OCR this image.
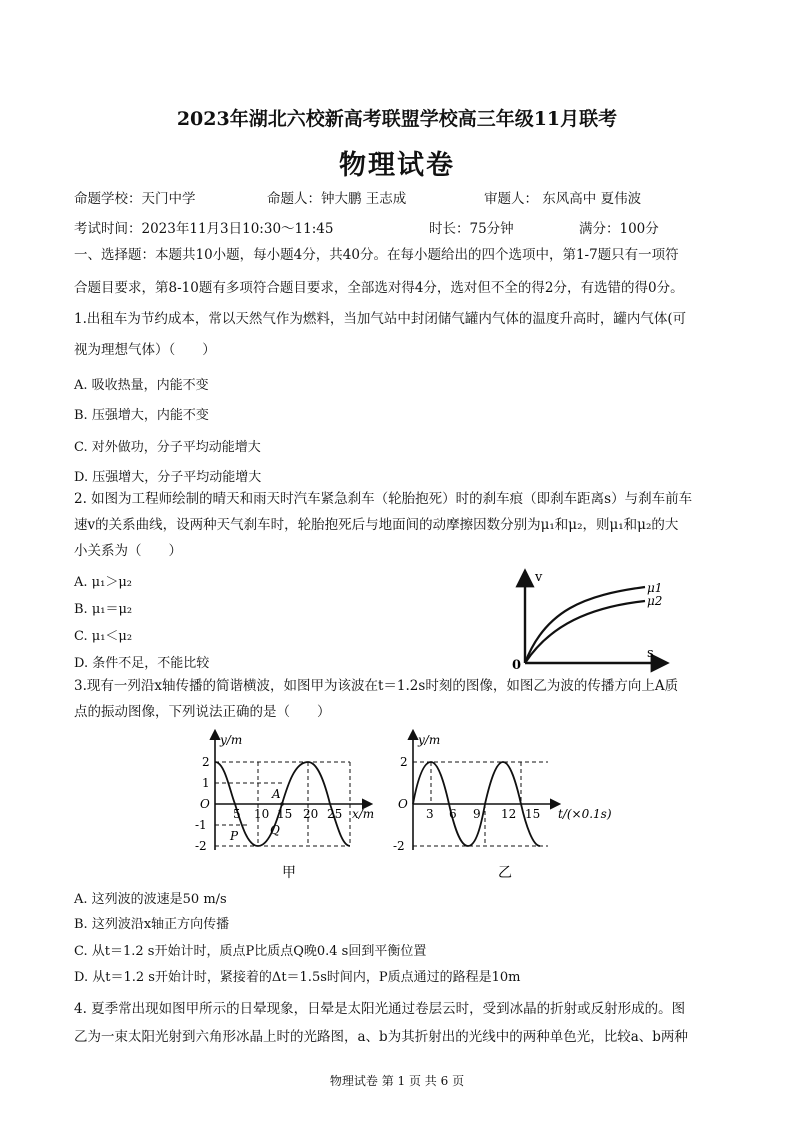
2023年湖北六校新高考联盟学校高三年级11月联考
物理试卷
命题学校：天门中学	命题人：钟大鹏 王志成	审题人： 东风高中 夏伟波
考试时间：2023年11月3日10:30～11:45	时长：75分钟	满分：100分
一、选择题：本题共10小题，每小题4分，共40分。在每小题给出的四个选项中，第1-7题只有一项符
合题目要求，第8-10题有多项符合题目要求，全部选对得4分，选对但不全的得2分，有选错的得0分。
1.出租车为节约成本，常以天然气作为燃料，当加气站中封闭储气罐内气体的温度升高时，罐内气体(可
视为理想气体）（　　）
A. 吸收热量，内能不变
B. 压强增大，内能不变
C. 对外做功，分子平均动能增大
D. 压强增大，分子平均动能增大
2. 如图为工程师绘制的晴天和雨天时汽车紧急刹车（轮胎抱死）时的刹车痕（即刹车距离s）与刹车前车
速v的关系曲线，设两种天气刹车时，轮胎抱死后与地面间的动摩擦因数分别为μ₁和μ₂，则μ₁和μ₂的大
小关系为（　　）
A. μ₁＞μ₂
B. μ₁＝μ₂
C. μ₁＜μ₂
D. 条件不足，不能比较
v
s
0
μ1
μ2
3.现有一列沿x轴传播的简谐横波，如图甲为该波在t＝1.2s时刻的图像，如图乙为波的传播方向上A质
点的振动图像，下列说法正确的是（　　）
2
1
-1
-2
O
5 10 15 20 25
y/m
x/m
A
P	Q
甲
2
-2
O
3 6 9 12 15
y/m
t/(×0.1s)
乙
A. 这列波的波速是50 m/s
B. 这列波沿x轴正方向传播
C. 从t＝1.2 s开始计时，质点P比质点Q晚0.4 s回到平衡位置
D. 从t＝1.2 s开始计时，紧接着的Δt＝1.5s时间内，P质点通过的路程是10m
4. 夏季常出现如图甲所示的日晕现象，日晕是太阳光通过卷层云时，受到冰晶的折射或反射形成的。图
乙为一束太阳光射到六角形冰晶上时的光路图，a、b为其折射出的光线中的两种单色光，比较a、b两种
物理试卷 第 1 页 共 6 页
